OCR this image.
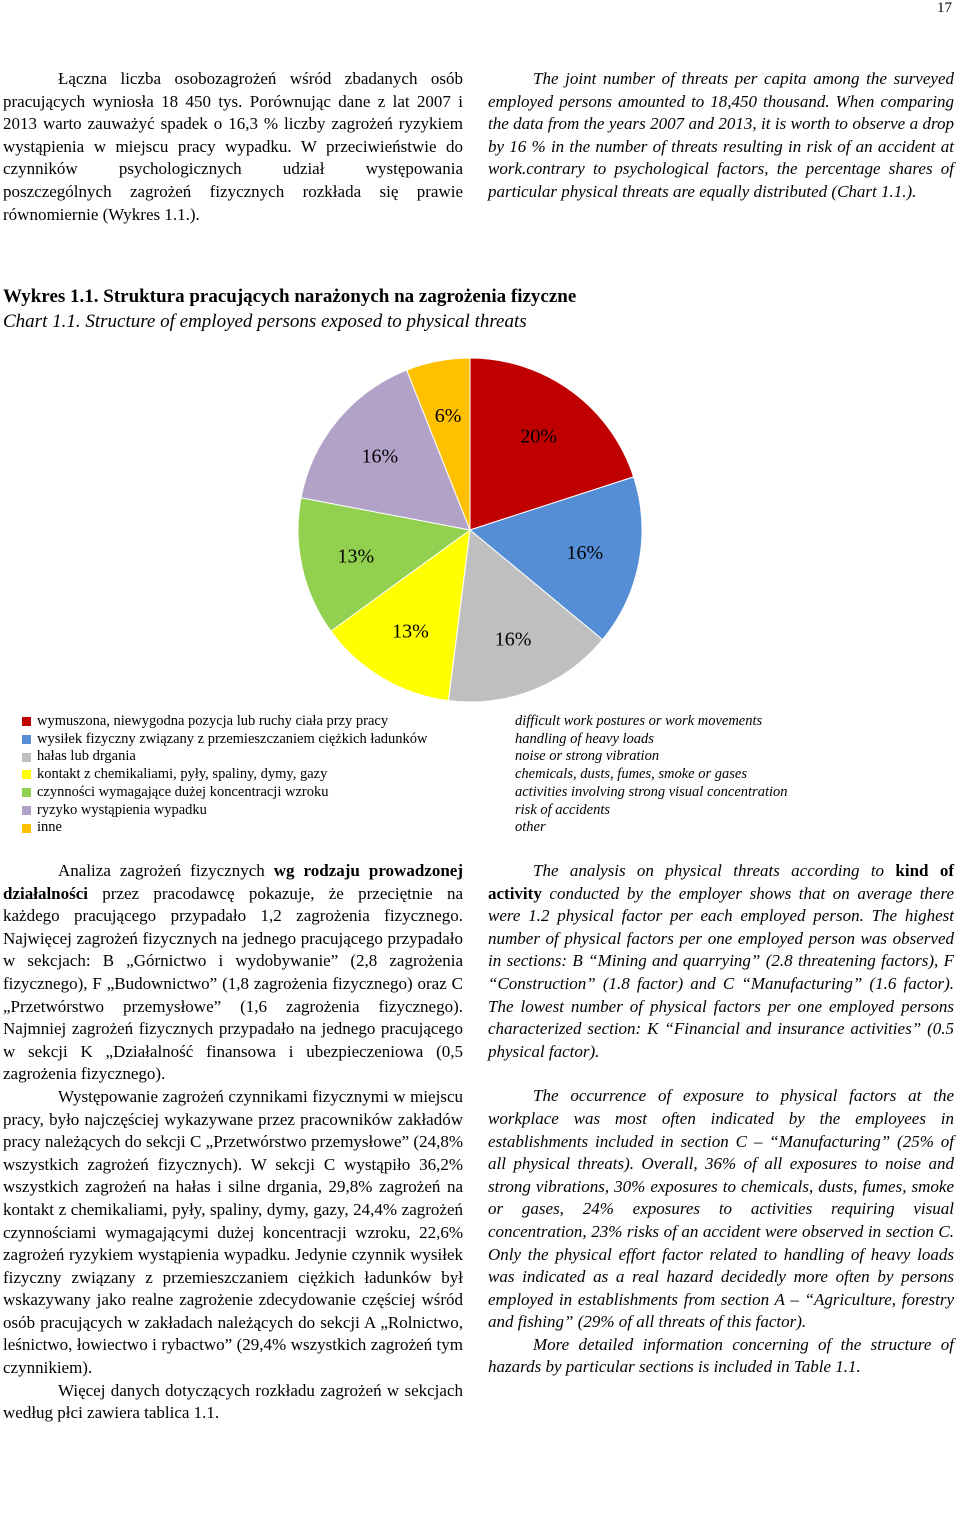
17

Łączna liczba osobozagrożeń wśród zbadanych osób pracujących wyniosła 18 450 tys. Porównując dane z lat 2007 i 2013 warto zauważyć spadek o 16,3 % liczby zagrożeń ryzykiem wystąpienia w miejscu pracy wypadku. W przeciwieństwie do czynników psychologicznych udział występowania poszczególnych zagrożeń fizycznych rozkłada się prawie równomiernie (Wykres 1.1.).

The joint number of threats per capita among the surveyed employed persons amounted to 18,450 thousand. When comparing the data from the years 2007 and 2013, it is worth to observe a drop by 16 % in the number of threats resulting in risk of an accident at work.contrary to psychological factors, the percentage shares of particular physical threats are equally distributed (Chart 1.1.).

Wykres 1.1. Struktura pracujących narażonych na zagrożenia fizyczne
Chart 1.1. Structure of employed persons exposed to physical threats
20%
16%
16%
13%
13%
16%
6%
wymuszona, niewygodna pozycja lub ruchy ciała przy pracy
wysiłek fizyczny związany z przemieszczaniem ciężkich ładunków
hałas lub drgania
kontakt z chemikaliami, pyły, spaliny, dymy, gazy
czynności wymagające dużej koncentracji wzroku
ryzyko wystąpienia wypadku
inne
difficult work postures or work movements
handling of heavy loads
noise or strong vibration
chemicals, dusts, fumes, smoke or gases
activities involving strong visual concentration
risk of accidents
other

Analiza zagrożeń fizycznych wg rodzaju prowadzonej działalności przez pracodawcę pokazuje, że przeciętnie na każdego pracującego przypadało 1,2 zagrożenia fizycznego. Najwięcej zagrożeń fizycznych na jednego pracującego przypadało w sekcjach: B „Górnictwo i wydobywanie” (2,8 zagrożenia fizycznego), F „Budownictwo” (1,8 zagrożenia fizycznego) oraz C „Przetwórstwo przemysłowe” (1,6 zagrożenia fizycznego). Najmniej zagrożeń fizycznych przypadało na jednego pracującego w sekcji K „Działalność finansowa i ubezpieczeniowa (0,5 zagrożenia fizycznego).

Występowanie zagrożeń czynnikami fizycznymi w miejscu pracy, było najczęściej wykazywane przez pracowników zakładów pracy należących do sekcji C „Przetwórstwo przemysłowe” (24,8% wszystkich zagrożeń fizycznych). W sekcji C wystąpiło 36,2% wszystkich zagrożeń na hałas i silne drgania, 29,8% zagrożeń na kontakt z chemikaliami, pyły, spaliny, dymy, gazy, 24,4% zagrożeń czynnościami wymagającymi dużej koncentracji wzroku, 22,6% zagrożeń ryzykiem wystąpienia wypadku. Jedynie czynnik wysiłek fizyczny związany z przemieszczaniem ciężkich ładunków był wskazywany jako realne zagrożenie zdecydowanie częściej wśród osób pracujących w zakładach należących do sekcji A „Rolnictwo, leśnictwo, łowiectwo i rybactwo” (29,4% wszystkich zagrożeń tym czynnikiem).

Więcej danych dotyczących rozkładu zagrożeń w sekcjach według płci zawiera tablica 1.1.

The analysis on physical threats according to kind of activity conducted by the employer shows that on average there were 1.2 physical factor per each employed person. The highest number of physical factors per one employed person was observed in sections: B “Mining and quarrying” (2.8 threatening factors), F “Construction” (1.8 factor) and C “Manufacturing” (1.6 factor). The lowest number of physical factors per one employed persons characterized section: K “Financial and insurance activities” (0.5 physical factor).

The occurrence of exposure to physical factors at the workplace was most often indicated by the employees in establishments included in section C – “Manufacturing” (25% of all physical threats). Overall, 36% of all exposures to noise and strong vibrations, 30% exposures to chemicals, dusts, fumes, smoke or gases, 24% exposures to activities requiring visual concentration, 23% risks of an accident were observed in section C. Only the physical effort factor related to handling of heavy loads was indicated as a real hazard decidedly more often by persons employed in establishments from section A – “Agriculture, forestry and fishing” (29% of all threats of this factor).

More detailed information concerning of the structure of hazards by particular sections is included in Table 1.1.
